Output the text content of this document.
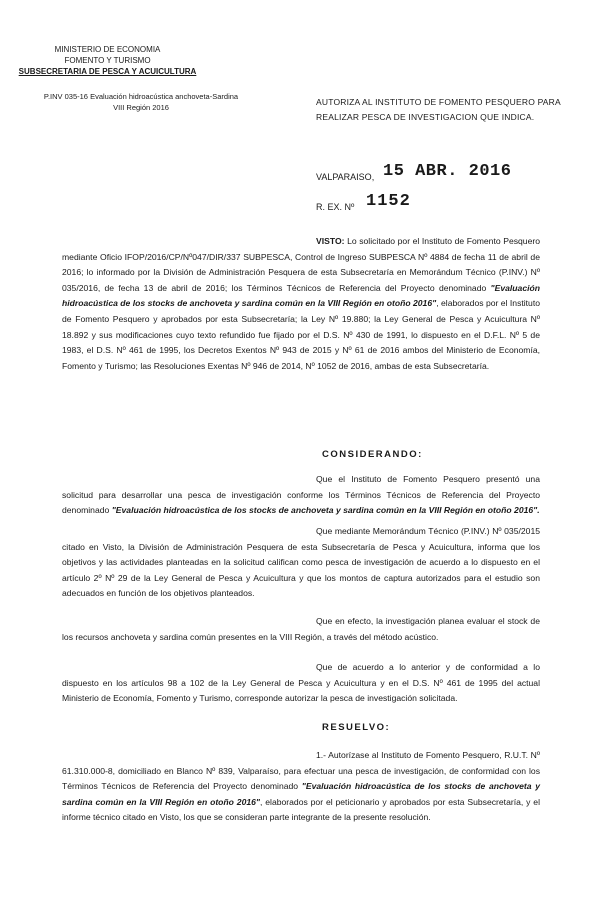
MINISTERIO DE ECONOMIA
FOMENTO Y TURISMO
SUBSECRETARIA DE PESCA Y ACUICULTURA
P.INV 035-16 Evaluación hidroacústica anchoveta-Sardina
VIII Región 2016
AUTORIZA AL INSTITUTO DE FOMENTO PESQUERO PARA REALIZAR PESCA DE INVESTIGACION QUE INDICA.
VALPARAISO, 15 ABR. 2016
R. EX. Nº 1152
VISTO: Lo solicitado por el Instituto de Fomento Pesquero mediante Oficio IFOP/2016/CP/Nº047/DIR/337 SUBPESCA, Control de Ingreso SUBPESCA Nº 4884 de fecha 11 de abril de 2016; lo informado por la División de Administración Pesquera de esta Subsecretaría en Memorándum Técnico (P.INV.) Nº 035/2016, de fecha 13 de abril de 2016; los Términos Técnicos de Referencia del Proyecto denominado "Evaluación hidroacústica de los stocks de anchoveta y sardina común en la VIII Región en otoño 2016", elaborados por el Instituto de Fomento Pesquero y aprobados por esta Subsecretaría; la Ley Nº 19.880; la Ley General de Pesca y Acuicultura Nº 18.892 y sus modificaciones cuyo texto refundido fue fijado por el D.S. Nº 430 de 1991, lo dispuesto en el D.F.L. Nº 5 de 1983, el D.S. Nº 461 de 1995, los Decretos Exentos Nº 943 de 2015 y Nº 61 de 2016 ambos del Ministerio de Economía, Fomento y Turismo; las Resoluciones Exentas Nº 946 de 2014, Nº 1052 de 2016, ambas de esta Subsecretaría.
CONSIDERANDO:
Que el Instituto de Fomento Pesquero presentó una solicitud para desarrollar una pesca de investigación conforme los Términos Técnicos de Referencia del Proyecto denominado "Evaluación hidroacústica de los stocks de anchoveta y sardina común en la VIII Región en otoño 2016".
Que mediante Memorándum Técnico (P.INV.) Nº 035/2015 citado en Visto, la División de Administración Pesquera de esta Subsecretaría de Pesca y Acuicultura, informa que los objetivos y las actividades planteadas en la solicitud califican como pesca de investigación de acuerdo a lo dispuesto en el artículo 2º Nº 29 de la Ley General de Pesca y Acuicultura y que los montos de captura autorizados para el estudio son adecuados en función de los objetivos planteados.
Que en efecto, la investigación planea evaluar el stock de los recursos anchoveta y sardina común presentes en la VIII Región, a través del método acústico.
Que de acuerdo a lo anterior y de conformidad a lo dispuesto en los artículos 98 a 102 de la Ley General de Pesca y Acuicultura y en el D.S. Nº 461 de 1995 del actual Ministerio de Economía, Fomento y Turismo, corresponde autorizar la pesca de investigación solicitada.
RESUELVO:
1.- Autorízase al Instituto de Fomento Pesquero, R.U.T. Nº 61.310.000-8, domiciliado en Blanco Nº 839, Valparaíso, para efectuar una pesca de investigación, de conformidad con los Términos Técnicos de Referencia del Proyecto denominado "Evaluación hidroacústica de los stocks de anchoveta y sardina común en la VIII Región en otoño 2016", elaborados por el peticionario y aprobados por esta Subsecretaría, y el informe técnico citado en Visto, los que se consideran parte integrante de la presente resolución.
